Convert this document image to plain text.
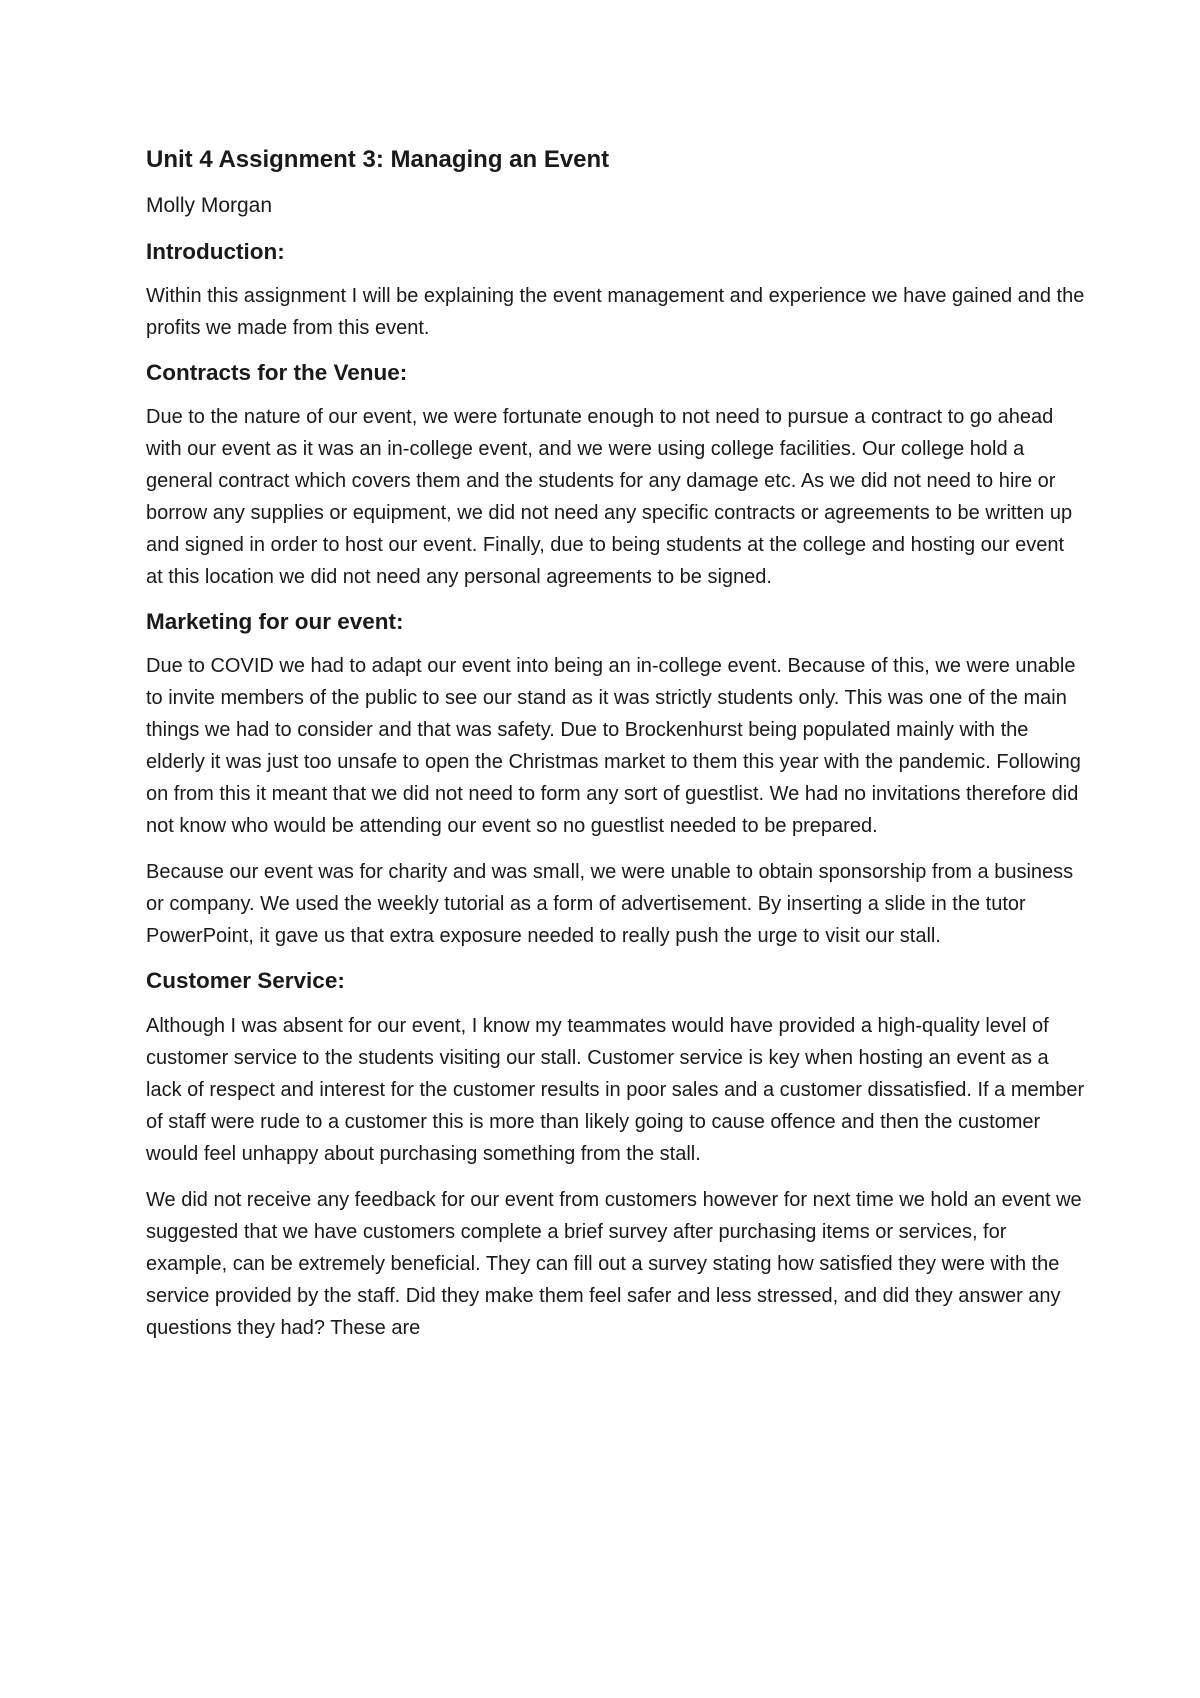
Unit 4 Assignment 3: Managing an Event

Molly Morgan

Introduction:

Within this assignment I will be explaining the event management and experience we have gained and the profits we made from this event.

Contracts for the Venue:

Due to the nature of our event, we were fortunate enough to not need to pursue a contract to go ahead with our event as it was an in-college event, and we were using college facilities. Our college hold a general contract which covers them and the students for any damage etc. As we did not need to hire or borrow any supplies or equipment, we did not need any specific contracts or agreements to be written up and signed in order to host our event. Finally, due to being students at the college and hosting our event at this location we did not need any personal agreements to be signed.

Marketing for our event:

Due to COVID we had to adapt our event into being an in-college event. Because of this, we were unable to invite members of the public to see our stand as it was strictly students only. This was one of the main things we had to consider and that was safety. Due to Brockenhurst being populated mainly with the elderly it was just too unsafe to open the Christmas market to them this year with the pandemic. Following on from this it meant that we did not need to form any sort of guestlist. We had no invitations therefore did not know who would be attending our event so no guestlist needed to be prepared.

Because our event was for charity and was small, we were unable to obtain sponsorship from a business or company. We used the weekly tutorial as a form of advertisement. By inserting a slide in the tutor PowerPoint, it gave us that extra exposure needed to really push the urge to visit our stall.

Customer Service:

Although I was absent for our event, I know my teammates would have provided a high-quality level of customer service to the students visiting our stall. Customer service is key when hosting an event as a lack of respect and interest for the customer results in poor sales and a customer dissatisfied. If a member of staff were rude to a customer this is more than likely going to cause offence and then the customer would feel unhappy about purchasing something from the stall.

We did not receive any feedback for our event from customers however for next time we hold an event we suggested that we have customers complete a brief survey after purchasing items or services, for example, can be extremely beneficial. They can fill out a survey stating how satisfied they were with the service provided by the staff. Did they make them feel safer and less stressed, and did they answer any questions they had? These are
